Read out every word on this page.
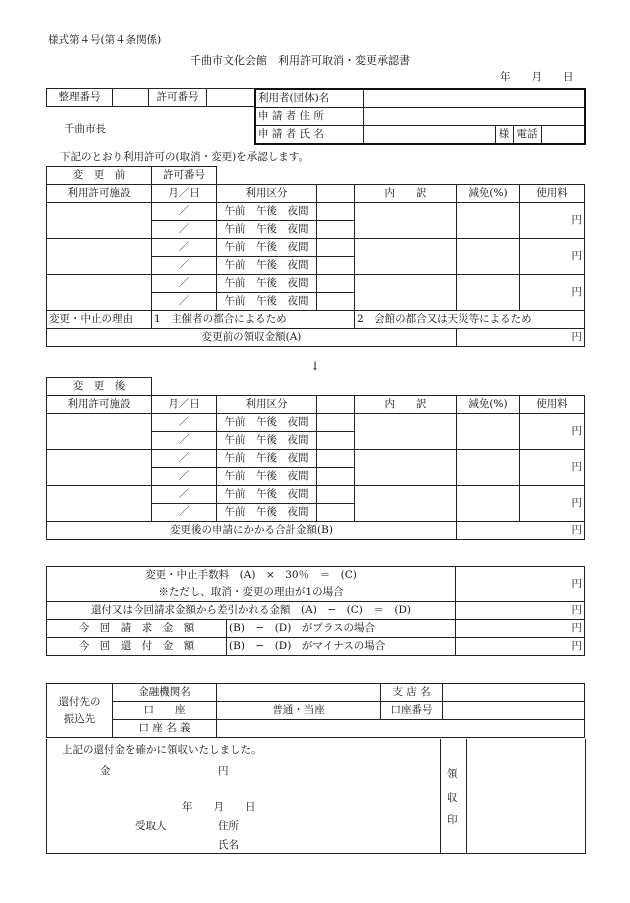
様式第４号(第４条関係)
千曲市文化会館　利用許可取消・変更承認書
年　　月　　日
整理番号		許可番号	
千曲市長
利用者(団体)名				
申 請 者 住 所				
申 請 者 氏 名		様	電話	
下記のとおり利用許可の(取消・変更)を承認します。
変　更　前	許可番号					
利用許可施設	月／日	利用区分		内　　訳	減免(%)	使用料
	／	午前　午後　夜間				円
	／	午前　午後　夜間				
	／	午前　午後　夜間				円
	／	午前　午後　夜間				
	／	午前　午後　夜間				円
	／	午前　午後　夜間				
変更・中止の理由	1　主催者の都合によるため			2　会館の都合又は天災等によるため		
変更前の領収金額(A)					円	
↓
変　更　後						
利用許可施設	月／日	利用区分		内　　訳	減免(%)	使用料
	／	午前　午後　夜間				円
	／	午前　午後　夜間				
	／	午前　午後　夜間				円
	／	午前　午後　夜間				
	／	午前　午後　夜間				円
	／	午前　午後　夜間				
変更後の申請にかかる合計金額(B)					円	
変更・中止手数料　(A)　×　30％　＝　(C)		円
※ただし、取消・変更の理由が1の場合		
還付又は今回請求金額から差引かれる金額　(A)　−　(C)　＝　(D)		円
今　回　請　求　金　額	(B)　−　(D)　がプラスの場合	円
今　回　還　付　金　額	(B)　−　(D)　がマイナスの場合	円
還付先の
振込先	金融機関名		支 店 名	
	口　　座	普通・当座	口座番号	
	口 座 名 義			
上記の還付金を確かに領収いたしました。
金	円
年　　月　　日
受取人	住所
氏名
領
収
印
